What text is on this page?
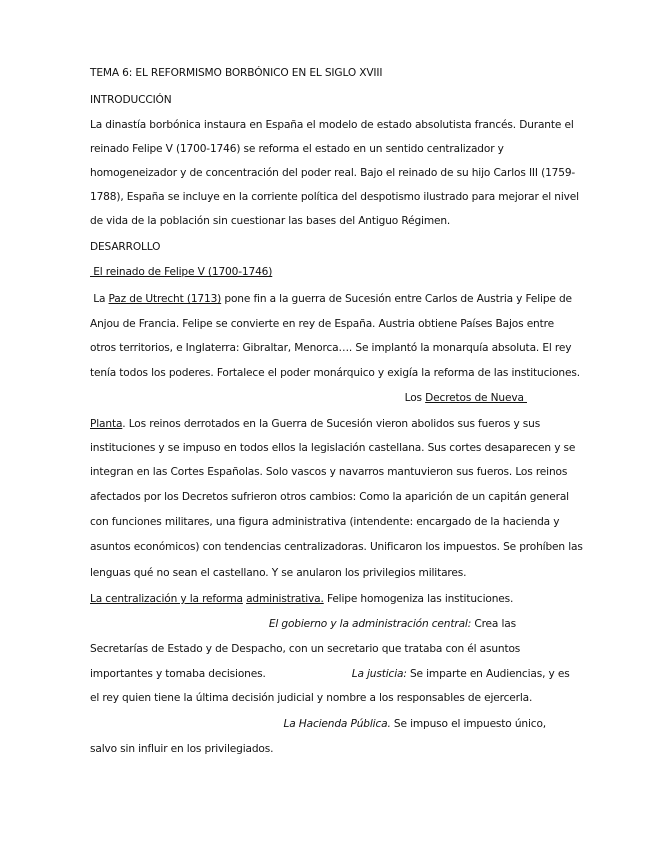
TEMA 6: EL REFORMISMO BORBÓNICO EN EL SIGLO XVIII
INTRODUCCIÓN
La dinastía borbónica instaura en España el modelo de estado absolutista francés. Durante el
reinado Felipe V (1700-1746) se reforma el estado en un sentido centralizador y
homogeneizador y de concentración del poder real. Bajo el reinado de su hijo Carlos III (1759-
1788), España se incluye en la corriente política del despotismo ilustrado para mejorar el nivel
de vida de la población sin cuestionar las bases del Antiguo Régimen.
DESARROLLO
El reinado de Felipe V (1700-1746)
La Paz de Utrecht (1713) pone fin a la guerra de Sucesión entre Carlos de Austria y Felipe de
Anjou de Francia. Felipe se convierte en rey de España. Austria obtiene Países Bajos entre
otros territorios, e Inglaterra: Gibraltar, Menorca…. Se implantó la monarquía absoluta. El rey
tenía todos los poderes. Fortalece el poder monárquico y exigía la reforma de las instituciones.
Los Decretos de Nueva
Planta. Los reinos derrotados en la Guerra de Sucesión vieron abolidos sus fueros y sus
instituciones y se impuso en todos ellos la legislación castellana. Sus cortes desaparecen y se
integran en las Cortes Españolas. Solo vascos y navarros mantuvieron sus fueros. Los reinos
afectados por los Decretos sufrieron otros cambios: Como la aparición de un capitán general
con funciones militares, una figura administrativa (intendente: encargado de la hacienda y
asuntos económicos) con tendencias centralizadoras. Unificaron los impuestos. Se prohíben las
lenguas qué no sean el castellano. Y se anularon los privilegios militares.
La centralización y la reforma administrativa. Felipe homogeniza las instituciones.
El gobierno y la administración central: Crea las
Secretarías de Estado y de Despacho, con un secretario que trataba con él asuntos
importantes y tomaba decisiones.	La justicia: Se imparte en Audiencias, y es
el rey quien tiene la última decisión judicial y nombre a los responsables de ejercerla.
La Hacienda Pública. Se impuso el impuesto único,
salvo sin influir en los privilegiados.
